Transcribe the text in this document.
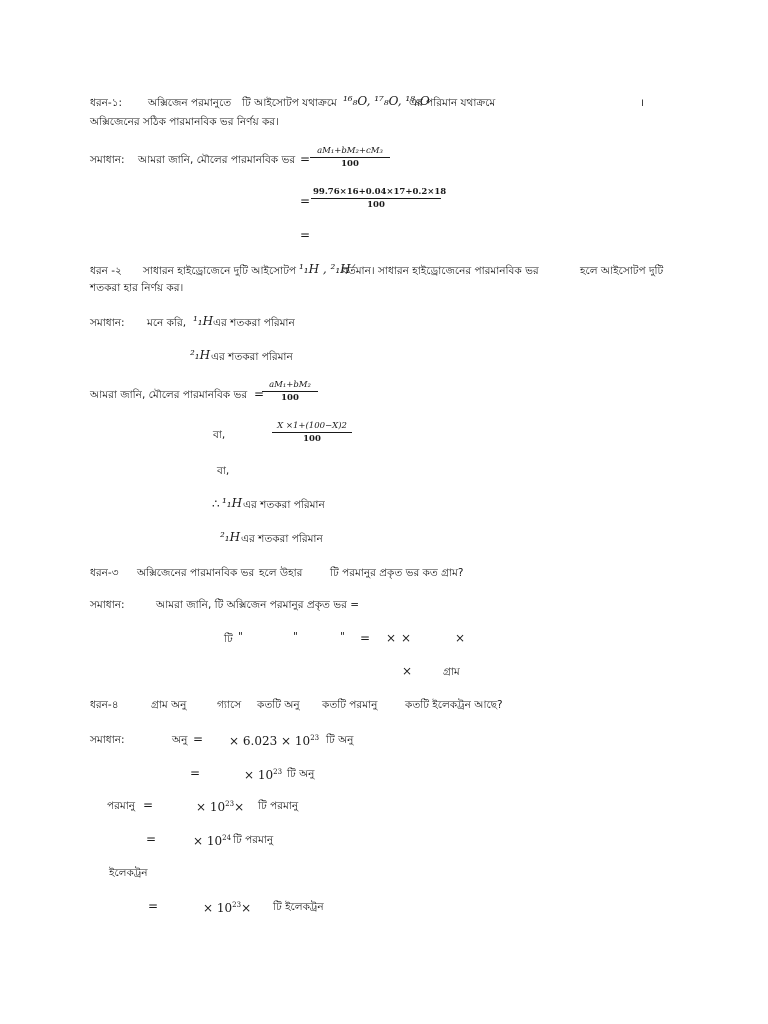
ধরন-১: অক্সিজেন পরমানুতে টি আইসোটপ যথাক্রমে ¹⁶₈O, ¹⁷₈O, ¹⁸₈O
এর পরিমান যথাক্রমে	।
অক্সিজেনের সঠিক পারমানবিক ভর নির্ণয় কর।
সমাধান: আমরা জানি, মৌলের পারমানবিক ভর =
aM₁+bM₂+cM₃
100
=
99.76×16+0.04×17+0.2×18
100
=
ধরন -২ সাধারন হাইড্রোজেনে দুটি আইসোটপ ¹₁H , ²₁H
বর্তমান। সাধারন হাইড্রোজেনের পারমানবিক ভর	হলে আইসোটপ দুটি
শতকরা হার নির্ণয় কর।
সমাধান: মনে করি, ¹₁H এর শতকরা পরিমান
²₁H এর শতকরা পরিমান
আমরা জানি, মৌলের পারমানবিক ভর =
aM₁+bM₂
100
বা,
X ×1+(100−X)2
100
বা,
∴ ¹₁H এর শতকরা পরিমান
²₁H এর শতকরা পরিমান
ধরন-৩ অক্সিজেনের পারমানবিক ভর হলে উহার	টি পরমানুর প্রকৃত ভর কত গ্রাম?
সমাধান:	আমরা জানি, টি অক্সিজেন পরমানুর প্রকৃত ভর =
টি "	"	" = × ×	×
×	গ্রাম
ধরন-৪	গ্রাম অনু	গ্যাসে কতটি অনু কতটি পরমানু	কতটি ইলেকট্রন আছে?
সমাধান:	অনু = × $6.023 \times 10^{23}$ টি অনু
=	× $10^{23}$ টি অনু
পরমানু =	× $10^{23}\times$ টি পরমানু
=	× $10^{24}$ টি পরমানু
ইলেকট্রন
=	× $10^{23}\times$ টি ইলেকট্রন
